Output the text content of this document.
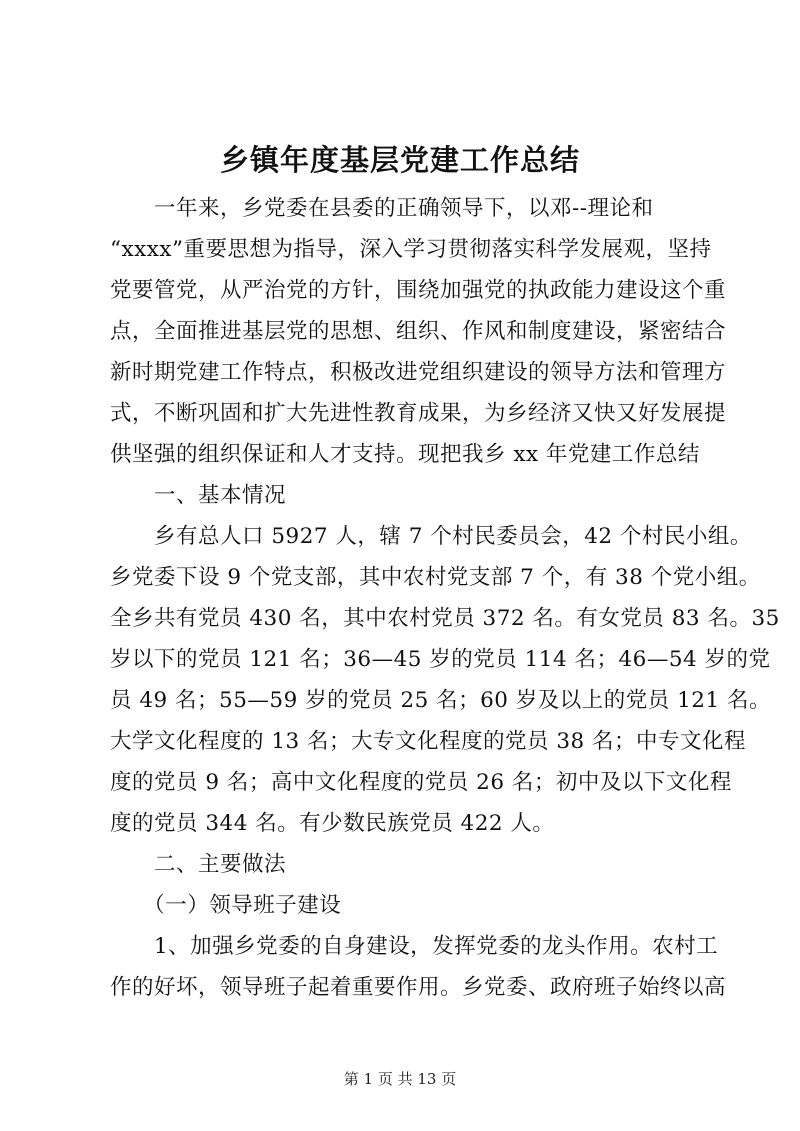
乡镇年度基层党建工作总结
　　一年来，乡党委在县委的正确领导下，以邓--理论和
“xxxx”重要思想为指导，深入学习贯彻落实科学发展观，坚持
党要管党，从严治党的方针，围绕加强党的执政能力建设这个重
点，全面推进基层党的思想、组织、作风和制度建设，紧密结合
新时期党建工作特点，积极改进党组织建设的领导方法和管理方
式，不断巩固和扩大先进性教育成果，为乡经济又快又好发展提
供坚强的组织保证和人才支持。现把我乡 xx 年党建工作总结
　　一、基本情况
　　乡有总人口 5927 人，辖 7 个村民委员会，42 个村民小组。
乡党委下设 9 个党支部，其中农村党支部 7 个，有 38 个党小组。
全乡共有党员 430 名，其中农村党员 372 名。有女党员 83 名。35
岁以下的党员 121 名；36—45 岁的党员 114 名；46—54 岁的党
员 49 名；55—59 岁的党员 25 名；60 岁及以上的党员 121 名。
大学文化程度的 13 名；大专文化程度的党员 38 名；中专文化程
度的党员 9 名；高中文化程度的党员 26 名；初中及以下文化程
度的党员 344 名。有少数民族党员 422 人。
　　二、主要做法
　　（一）领导班子建设
　　1、加强乡党委的自身建设，发挥党委的龙头作用。农村工
作的好坏，领导班子起着重要作用。乡党委、政府班子始终以高
第 1 页 共 13 页
